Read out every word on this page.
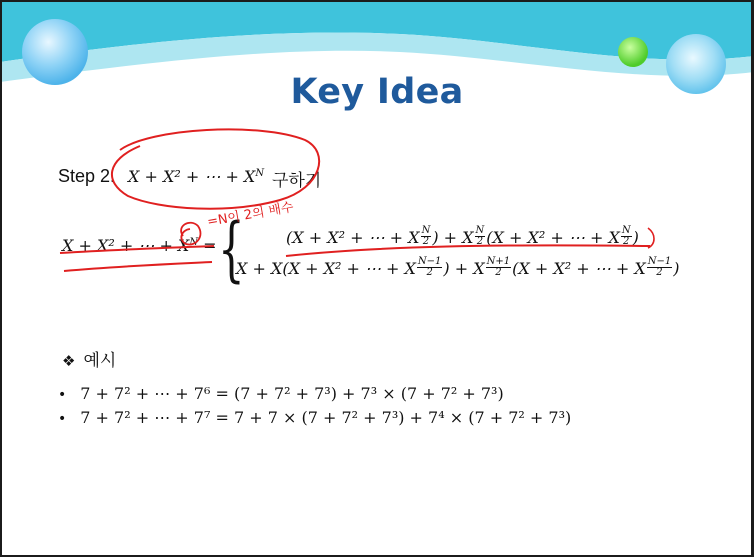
Key Idea
Step 2. X + X² + ⋯ + $X^N$ 구하기
X + X² + ⋯ + $X^N$ = {	(X + X² + ⋯ + X $\frac{N}{2}$ ) + X $\frac{N}{2} (X + X^2$ + ⋯ + X $\frac{N}{2}$ )
X + X(X + X² + ⋯ + X $\frac{N-1}{2}$ ) + X $\frac{N+1}{2} (X + X^2$ + ⋯ + X $\frac{N-1}{2}$ )
=N이 2의 배수
❖ 예시
• 7 + 7² + ⋯ + 7⁶ = (7 + 7² + 7³) + 7³ × (7 + 7² + 7³)
• 7 + 7² + ⋯ + 7⁷ = 7 + 7 × (7 + 7² + 7³) + 7⁴ × (7 + 7² + 7³)
